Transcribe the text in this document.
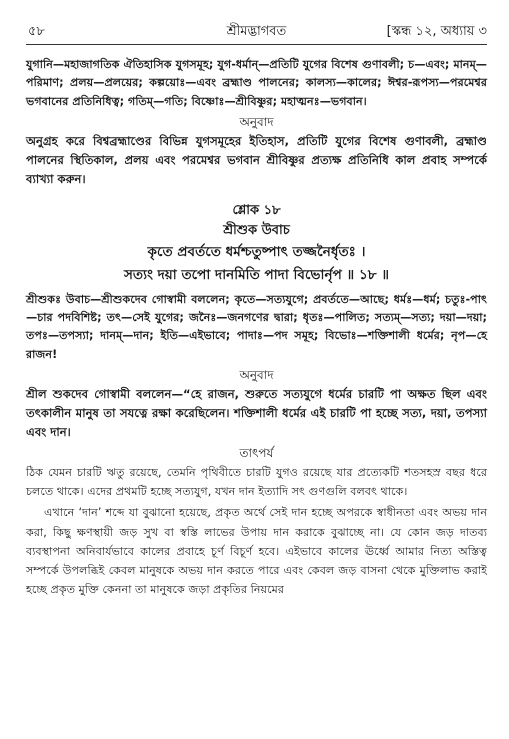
৫৮	শ্রীমদ্ভাগবত	[স্কন্ধ ১২, অধ্যায় ৩

যুগানি—মহাজাগতিক ঐতিহাসিক যুগসমূহ; যুগ-ধর্মান্—প্রতিটি যুগের বিশেষ গুণাবলী; চ—এবং; মানম্—পরিমাণ; প্রলয়—প্রলয়ের; কল্পয়োঃ—এবং ব্রহ্মাণ্ড পালনের; কালস্য—কালের; ঈশ্বর-রূপস্য—পরমেশ্বর ভগবানের প্রতিনিধিত্ব; গতিম্—গতি; বিষ্ণোঃ—শ্রীবিষ্ণুর; মহাত্মনঃ—ভগবান।

অনুবাদ

অনুগ্রহ করে বিশ্বব্রহ্মাণ্ডের বিভিন্ন যুগসমূহের ইতিহাস, প্রতিটি যুগের বিশেষ গুণাবলী, ব্রহ্মাণ্ড পালনের স্থিতিকাল, প্রলয় এবং পরমেশ্বর ভগবান শ্রীবিষ্ণুর প্রত্যক্ষ প্রতিনিধি কাল প্রবাহ সম্পর্কে ব্যাখ্যা করুন।

শ্লোক ১৮

শ্রীশুক উবাচ

কৃতে প্রবর্ততে ধর্মশ্চতুষ্পাৎ তজ্জনৈর্ধৃতঃ ।

সত্যং দয়া তপো দানমিতি পাদা বিভোর্নৃপ ॥ ১৮ ॥

শ্রীশুকঃ উবাচ—শ্রীশুকদেব গোস্বামী বললেন; কৃতে—সত্যযুগে; প্রবর্ততে—আছে; ধর্মঃ—ধর্ম; চতুঃ-পাৎ—চার পদবিশিষ্ট; তৎ—সেই যুগের; জনৈঃ—জনগণের দ্বারা; ধৃতঃ—পালিত; সত্যম্—সত্য; দয়া—দয়া; তপঃ—তপস্যা; দানম্—দান; ইতি—এইভাবে; পাদাঃ—পদ সমূহ; বিভোঃ—শক্তিশালী ধর্মের; নৃপ—হে রাজন!

অনুবাদ

শ্রীল শুকদেব গোস্বামী বললেন—“হে রাজন, শুরুতে সত্যযুগে ধর্মের চারটি পা অক্ষত ছিল এবং তৎকালীন মানুষ তা সযত্নে রক্ষা করেছিলেন। শক্তিশালী ধর্মের এই চারটি পা হচ্ছে সত্য, দয়া, তপস্যা এবং দান।

তাৎপর্য

ঠিক যেমন চারটি ঋতু রয়েছে, তেমনি পৃথিবীতে চারটি যুগও রয়েছে যার প্রত্যেকটি শতসহস্র বছর ধরে চলতে থাকে। এদের প্রথমটি হচ্ছে সত্যযুগ, যখন দান ইত্যাদি সৎ গুণগুলি বলবৎ থাকে।

এখানে ‘দান’ শব্দে যা বুঝানো হয়েছে, প্রকৃত অর্থে সেই দান হচ্ছে অপরকে স্বাধীনতা এবং অভয় দান করা, কিছু ক্ষণস্থায়ী জড় সুখ বা স্বস্তি লাভের উপায় দান করাকে বুঝাচ্ছে না। যে কোন জড় দাতব্য ব্যবস্থাপনা অনিবার্যভাবে কালের প্রবাহে চূর্ণ বিচূর্ণ হবে। এইভাবে কালের ঊর্ধ্বে আমার নিত্য অস্তিত্ব সম্পর্কে উপলব্ধিই কেবল মানুষকে অভয় দান করতে পারে এবং কেবল জড় বাসনা থেকে মুক্তিলাভ করাই হচ্ছে প্রকৃত মুক্তি কেননা তা মানুষকে জড়া প্রকৃতির নিয়মের
